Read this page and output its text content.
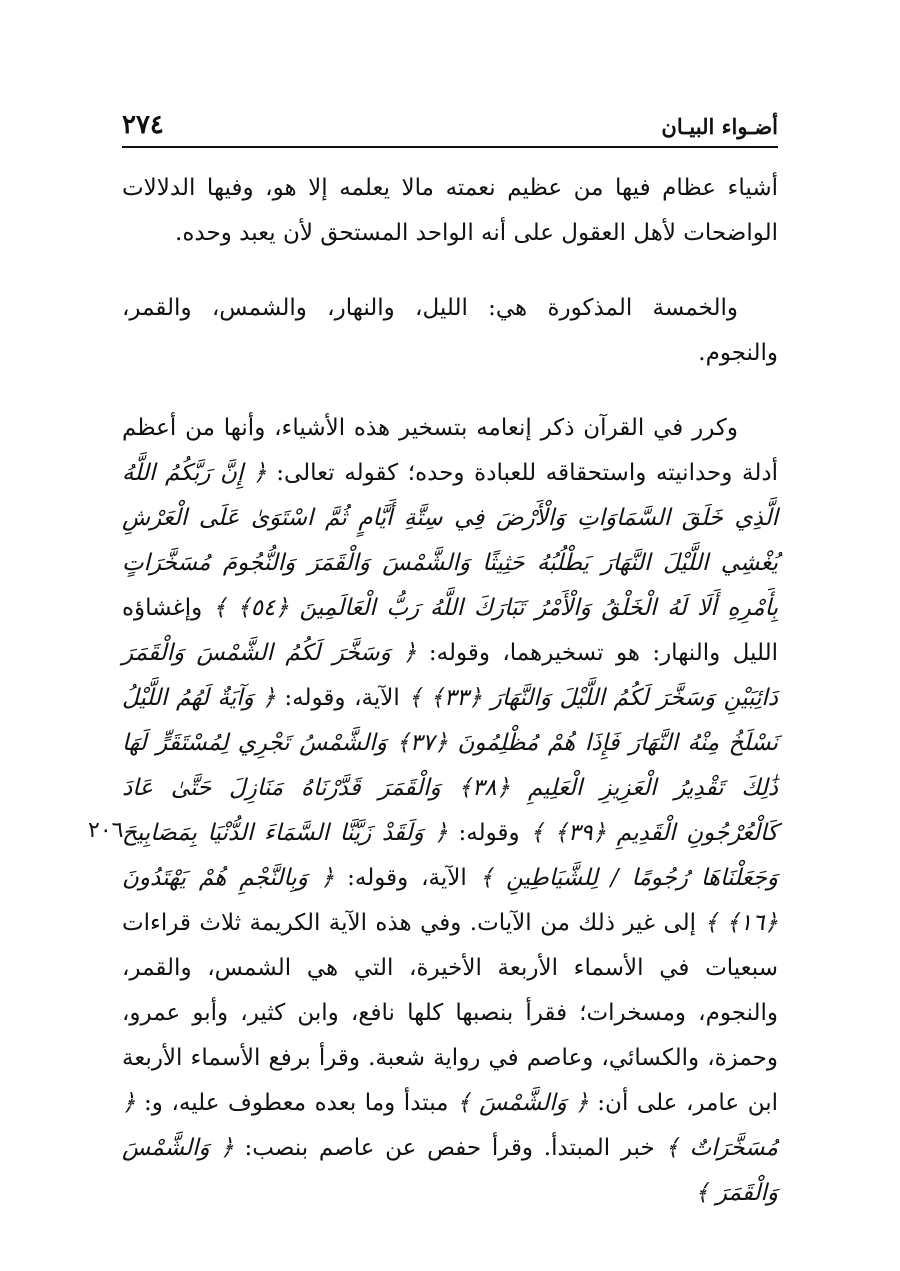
٢٧٤	أضـواء البيـان
٢٠٦

أشياء عظام فيها من عظيم نعمته مالا يعلمه إلا هو، وفيها الدلالات الواضحات لأهل العقول على أنه الواحد المستحق لأن يعبد وحده.

والخمسة المذكورة هي: الليل، والنهار، والشمس، والقمر، والنجوم.

وكرر في القرآن ذكر إنعامه بتسخير هذه الأشياء، وأنها من أعظم أدلة وحدانيته واستحقاقه للعبادة وحده؛ كقوله تعالى: ﴿ إِنَّ رَبَّكُمُ اللَّهُ الَّذِي خَلَقَ السَّمَاوَاتِ وَالْأَرْضَ فِي سِتَّةِ أَيَّامٍ ثُمَّ اسْتَوَىٰ عَلَى الْعَرْشِ يُغْشِي اللَّيْلَ النَّهَارَ يَطْلُبُهُ حَثِيثًا وَالشَّمْسَ وَالْقَمَرَ وَالنُّجُومَ مُسَخَّرَاتٍ بِأَمْرِهِ أَلَا لَهُ الْخَلْقُ وَالْأَمْرُ تَبَارَكَ اللَّهُ رَبُّ الْعَالَمِينَ ﴿٥٤﴾ ﴾ وإغشاؤه الليل والنهار: هو تسخيرهما، وقوله: ﴿ وَسَخَّرَ لَكُمُ الشَّمْسَ وَالْقَمَرَ دَائِبَيْنِ وَسَخَّرَ لَكُمُ اللَّيْلَ وَالنَّهَارَ ﴿٣٣﴾ ﴾ الآية، وقوله: ﴿ وَآيَةٌ لَهُمُ اللَّيْلُ نَسْلَخُ مِنْهُ النَّهَارَ فَإِذَا هُمْ مُظْلِمُونَ ﴿٣٧﴾ وَالشَّمْسُ تَجْرِي لِمُسْتَقَرٍّ لَهَا ذَٰلِكَ تَقْدِيرُ الْعَزِيزِ الْعَلِيمِ ﴿٣٨﴾ وَالْقَمَرَ قَدَّرْنَاهُ مَنَازِلَ حَتَّىٰ عَادَ كَالْعُرْجُونِ الْقَدِيمِ ﴿٣٩﴾ ﴾ وقوله: ﴿ وَلَقَدْ زَيَّنَّا السَّمَاءَ الدُّنْيَا بِمَصَابِيحَ وَجَعَلْنَاهَا رُجُومًا / لِلشَّيَاطِينِ ﴾ الآية، وقوله: ﴿ وَبِالنَّجْمِ هُمْ يَهْتَدُونَ ﴿١٦﴾ ﴾ إلى غير ذلك من الآيات. وفي هذه الآية الكريمة ثلاث قراءات سبعيات في الأسماء الأربعة الأخيرة، التي هي الشمس، والقمر، والنجوم، ومسخرات؛ فقرأ بنصبها كلها نافع، وابن كثير، وأبو عمرو، وحمزة، والكسائي، وعاصم في رواية شعبة. وقرأ برفع الأسماء الأربعة ابن عامر، على أن: ﴿ وَالشَّمْسَ ﴾ مبتدأ وما بعده معطوف عليه، و: ﴿ مُسَخَّرَاتٌ ﴾ خبر المبتدأ. وقرأ حفص عن عاصم بنصب: ﴿ وَالشَّمْسَ وَالْقَمَرَ ﴾
